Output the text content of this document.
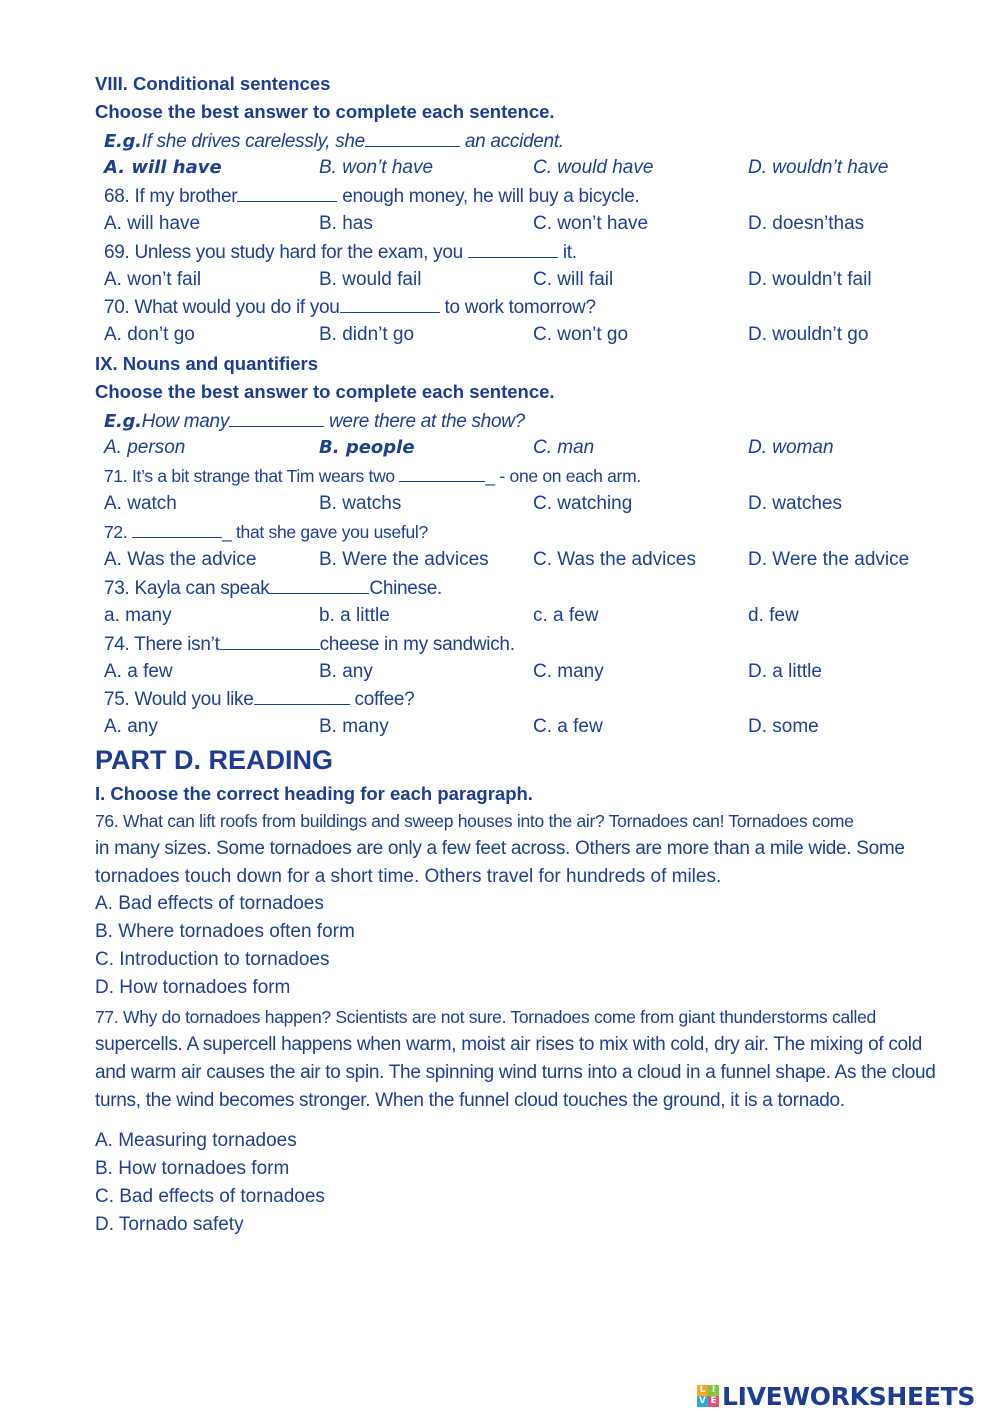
VIII. Conditional sentences
Choose the best answer to complete each sentence.
E.g.If she drives carelessly, she	an accident.
A. will have	B. won’t have	C. would have	D. wouldn’t have
68. If my brother	enough money, he will buy a bicycle.
A. will have	B. has	C. won’t have	D. doesn’thas
69. Unless you study hard for the exam, you	it.
A. won’t fail	B. would fail	C. will fail	D. wouldn’t fail
70. What would you do if you	to work tomorrow?
A. don’t go	B. didn’t go	C. won’t go	D. wouldn’t go
IX. Nouns and quantifiers
Choose the best answer to complete each sentence.
E.g.How many	were there at the show?
A. person	B. people	C. man	D. woman
71. It’s a bit strange that Tim wears two	_ - one on each arm.
A. watch	B. watchs	C. watching	D. watches
72.	_ that she gave you useful?
A. Was the advice	B. Were the advices C. Was the advices	D. Were the advice
73. Kayla can speak	Chinese.
a. many	b. a little	c. a few	d. few
74. There isn’t	cheese in my sandwich.
A. a few	B. any	C. many	D. a little
75. Would you like	coffee?
A. any	B. many	C. a few	D. some
PART D. READING
I. Choose the correct heading for each paragraph.
76. What can lift roofs from buildings and sweep houses into the air? Tornadoes can! Tornadoes come
in many sizes. Some tornadoes are only a few feet across. Others are more than a mile wide. Some
tornadoes touch down for a short time. Others travel for hundreds of miles.
A. Bad effects of tornadoes
B. Where tornadoes often form
C. Introduction to tornadoes
D. How tornadoes form
77. Why do tornadoes happen? Scientists are not sure. Tornadoes come from giant thunderstorms called
supercells. A supercell happens when warm, moist air rises to mix with cold, dry air. The mixing of cold
and warm air causes the air to spin. The spinning wind turns into a cloud in a funnel shape. As the cloud
turns, the wind becomes stronger. When the funnel cloud touches the ground, it is a tornado.
A. Measuring tornadoes
B. How tornadoes form
C. Bad effects of tornadoes
D. Tornado safety
L I
V E LIVEWORKSHEETS
